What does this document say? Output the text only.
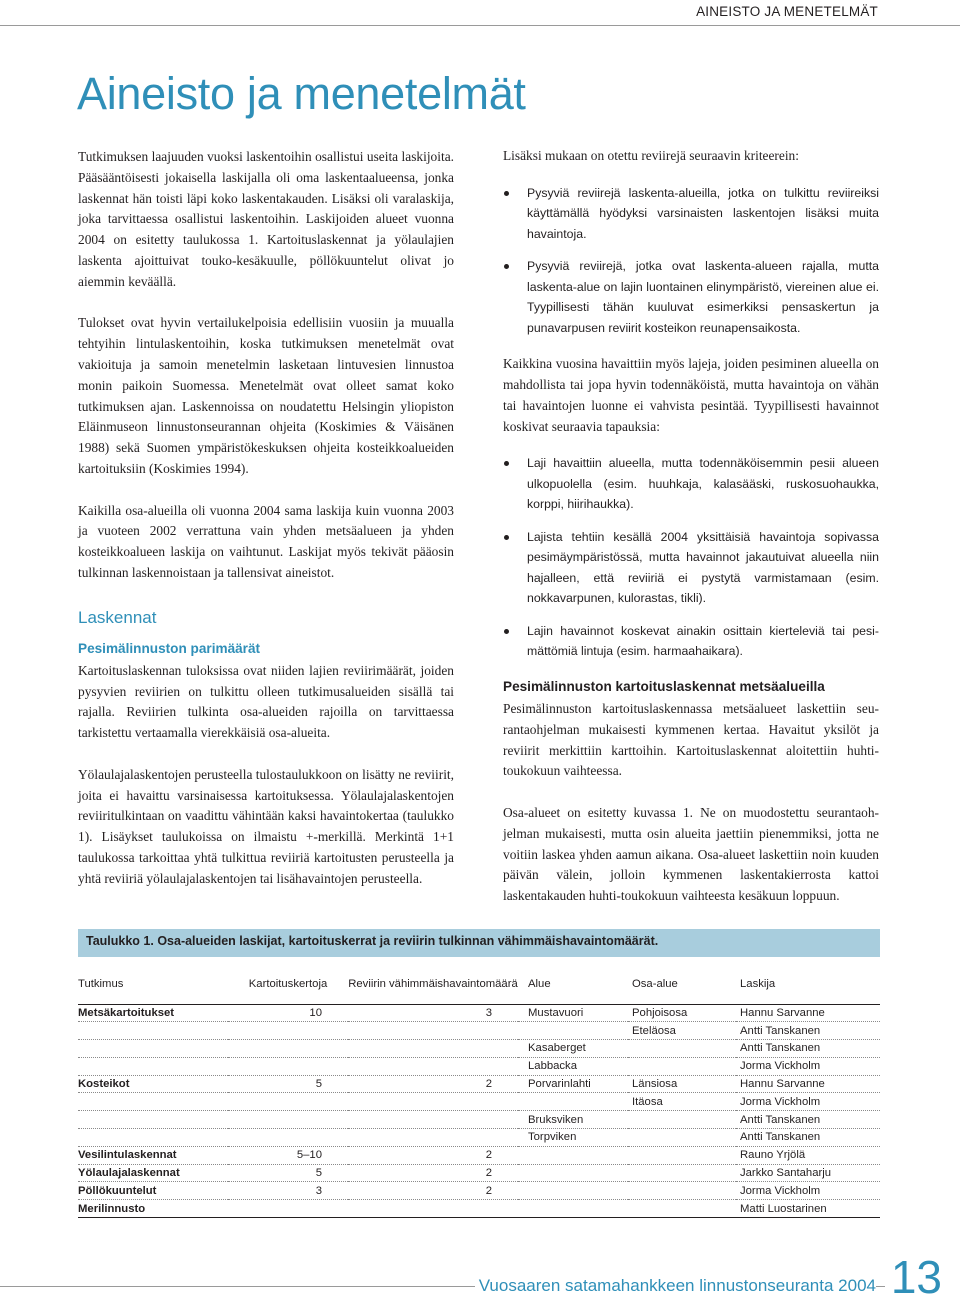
AINEISTO JA MENETELMÄT
Aineisto ja menetelmät

Tutkimuksen laajuuden vuoksi laskentoihin osallistui useita laskijoita. Pääsääntöisesti jokaisella laskijalla oli oma laskentaalueensa, jonka laskennat hän toisti läpi koko laskentakauden. Lisäksi oli varalaskija, joka tarvittaessa osallistui laskentoihin. Laskijoiden alueet vuonna 2004 on esitetty taulukossa 1. Kartoituslaskennat ja yölaulajien laskenta ajoittuivat touko-kesäkuulle, pöllökuuntelut olivat jo aiemmin keväällä.

Tulokset ovat hyvin vertailukelpoisia edellisiin vuosiin ja muualla tehtyihin lintulaskentoihin, koska tutkimuksen menetelmät ovat vakioituja ja samoin menetelmin lasketaan lintuvesien linnustoa monin paikoin Suomessa. Menetelmät ovat olleet samat koko tutkimuksen ajan. Laskennoissa on noudatettu Helsingin yliopiston Eläinmuseon linnustonseurannan ohjeita (Koskimies & Väisänen 1988) sekä Suomen ympäristökeskuksen ohjeita kosteikkoalueiden kartoituksiin (Koskimies 1994).

Kaikilla osa-alueilla oli vuonna 2004 sama laskija kuin vuonna 2003 ja vuoteen 2002 verrattuna vain yhden metsäalueen ja yhden kosteikkoalueen laskija on vaihtunut. Laskijat myös tekivät pääosin tulkinnan laskennoistaan ja tallensivat aineistot.

Laskennat
Pesimälinnuston parimäärät

Kartoituslaskennan tuloksissa ovat niiden lajien reviirimäärät, joiden pysyvien reviirien on tulkittu olleen tutkimusalueiden sisällä tai rajalla. Reviirien tulkinta osa-alueiden rajoilla on tarvittaessa tarkistettu vertaamalla vierekkäisiä osa-alueita.

Yölaulajalaskentojen perusteella tulostaulukkoon on lisätty ne reviirit, joita ei havaittu varsinaisessa kartoituksessa. Yölaulajalaskentojen reviiritulkintaan on vaadittu vähintään kaksi havaintokertaa (taulukko 1). Lisäykset taulukoissa on ilmaistu +-merkillä. Merkintä 1+1 taulukossa tarkoittaa yhtä tulkittua reviiriä kartoitusten perusteella ja yhtä reviiriä yölaulajalaskentojen tai lisähavaintojen perusteella.

Lisäksi mukaan on otettu reviirejä seuraavin kriteerein:

Pysyviä reviirejä laskenta-alueilla, jotka on tulkittu reviireiksi käyttämällä hyödyksi varsinaisten laskentojen lisäksi muita havaintoja.
Pysyviä reviirejä, jotka ovat laskenta-alueen rajalla, mutta laskenta-alue on lajin luontainen elinympäristö, viereinen alue ei. Tyypillisesti tähän kuuluvat esimerkiksi pensaskertun ja punavarpusen reviirit kosteikon reunapensaikosta.

Kaikkina vuosina havaittiin myös lajeja, joiden pesiminen alueella on mahdollista tai jopa hyvin todennäköistä, mutta havaintoja on vähän tai havaintojen luonne ei vahvista pesintää. Tyypillisesti havainnot koskivat seuraavia tapauksia:

Laji havaittiin alueella, mutta todennäköisemmin pesii alueen ulkopuolella (esim. huuhkaja, kalasääski, ruskosuohaukka, korppi, hiirihaukka).
Lajista tehtiin kesällä 2004 yksittäisiä havaintoja sopivassa pesimäympäristössä, mutta havainnot jakautuivat alueella niin hajalleen, että reviiriä ei pystytä varmistamaan (esim. nokkavarpunen, kulorastas, tikli).
Lajin havainnot koskevat ainakin osittain kierteleviä tai pesimättömiä lintuja (esim. harmaahaikara).
Pesimälinnuston kartoituslaskennat metsäalueilla

Pesimälinnuston kartoituslaskennassa metsäalueet laskettiin seurantaohjelman mukaisesti kymmenen kertaa. Havaitut yksilöt ja reviirit merkittiin karttoihin. Kartoituslaskennat aloitettiin huhtitoukokuun vaihteessa.

Osa-alueet on esitetty kuvassa 1. Ne on muodostettu seurantaohjelman mukaisesti, mutta osin alueita jaettiin pienemmiksi, jotta ne voitiin laskea yhden aamun aikana. Osa-alueet laskettiin noin kuuden päivän välein, jolloin kymmenen laskentakierrosta kattoi laskentakauden huhti-toukokuun vaihteesta kesäkuun loppuun.

Taulukko 1. Osa-alueiden laskijat, kartoituskerrat ja reviirin tulkinnan vähimmäishavaintomäärät.
Tutkimus	Kartoituskertoja	Reviirin vähimmäishavaintomäärä	Alue	Osa-alue	Laskija
Metsäkartoitukset	10	3	Mustavuori	Pohjoisosa	Hannu Sarvanne
				Eteläosa	Antti Tanskanen
			Kasaberget		Antti Tanskanen
			Labbacka		Jorma Vickholm
Kosteikot	5	2	Porvarinlahti	Länsiosa	Hannu Sarvanne
				Itäosa	Jorma Vickholm
			Bruksviken		Antti Tanskanen
			Torpviken		Antti Tanskanen
Vesilintulaskennat	5–10	2			Rauno Yrjölä
Yölaulajalaskennat	5	2			Jarkko Santaharju
Pöllökuuntelut	3	2			Jorma Vickholm
Merilinnusto					Matti Luostarinen
Vuosaaren satamahankkeen linnustonseuranta 2004 13
